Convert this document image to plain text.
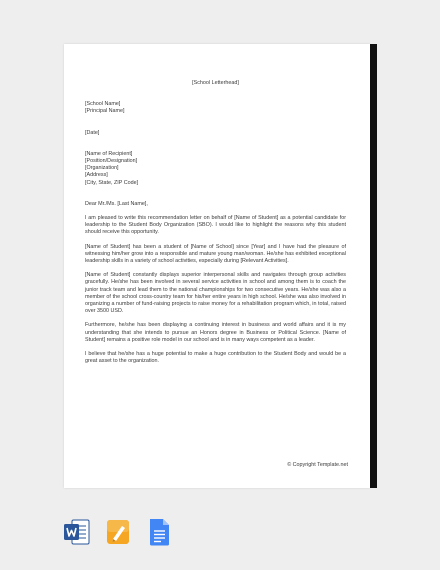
[School Letterhead]
[School Name]
[Principal Name]
[Date]
[Name of Recipient]
[Position/Designation]
[Organization]
[Address]
[City, State, ZIP Code]
Dear Mr./Ms. [Last Name],

I am pleased to write this recommendation letter on behalf of [Name of Student] as a potential candidate for leadership to the Student Body Organization (SBO). I would like to highlight the reasons why this student should receive this opportunity.

[Name of Student] has been a student of [Name of School] since [Year] and I have had the pleasure of witnessing him/her grow into a responsible and mature young man/woman. He/she has exhibited exceptional leadership skills in a variety of school activities, especially during [Relevant Activities].

[Name of Student] constantly displays superior interpersonal skills and navigates through group activities gracefully. He/she has been involved in several service activities in school and among them is to coach the junior track team and lead them to the national championships for two consecutive years. He/she was also a member of the school cross-country team for his/her entire years in high school. He/she was also involved in organizing a number of fund-raising projects to raise money for a rehabilitation program which, in total, raised over 3500 USD.

Furthermore, he/she has been displaying a continuing interest in business and world affairs and it is my understanding that she intends to pursue an Honors degree in Business or Political Science. [Name of Student] remains a positive role model in our school and is in many ways competent as a leader.

I believe that he/she has a huge potential to make a huge contribution to the Student Body and would be a great asset to the organization.

© Copyright Template.net
